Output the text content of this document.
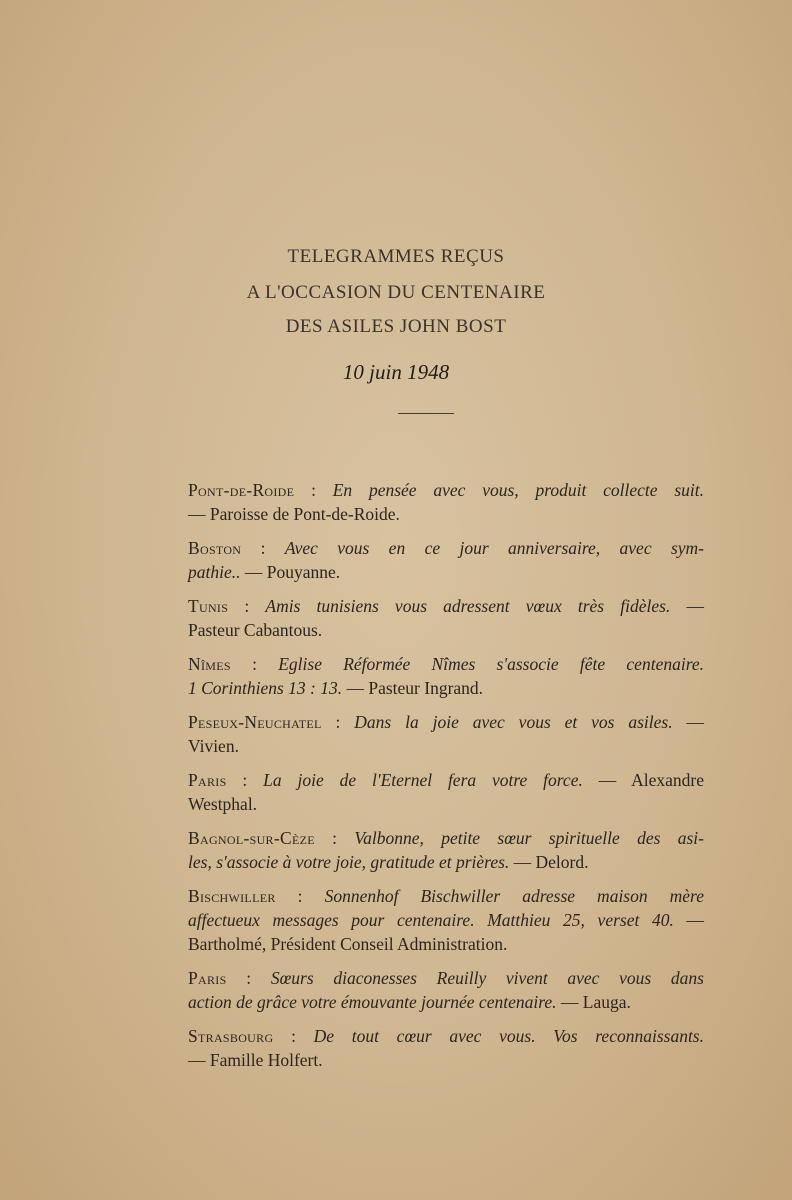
TELEGRAMMES REÇUS
A L'OCCASION DU CENTENAIRE
DES ASILES JOHN BOST
10 juin 1948

Pont-de-Roide : En pensée avec vous, produit collecte suit.

— Paroisse de Pont-de-Roide.

Boston : Avec vous en ce jour anniversaire, avec sym-

pathie.. — Pouyanne.

Tunis : Amis tunisiens vous adressent vœux très fidèles. —

Pasteur Cabantous.

Nîmes : Eglise Réformée Nîmes s'associe fête centenaire.

1 Corinthiens 13 : 13. — Pasteur Ingrand.

Peseux-Neuchatel : Dans la joie avec vous et vos asiles. —

Vivien.

Paris : La joie de l'Eternel fera votre force. — Alexandre

Westphal.

Bagnol-sur-Cèze : Valbonne, petite sœur spirituelle des asi-

les, s'associe à votre joie, gratitude et prières. — Delord.

Bischwiller : Sonnenhof Bischwiller adresse maison mère

affectueux messages pour centenaire. Matthieu 25, verset 40. —

Bartholmé, Président Conseil Administration.

Paris : Sœurs diaconesses Reuilly vivent avec vous dans

action de grâce votre émouvante journée centenaire. — Lauga.

Strasbourg : De tout cœur avec vous. Vos reconnaissants.

— Famille Holfert.
